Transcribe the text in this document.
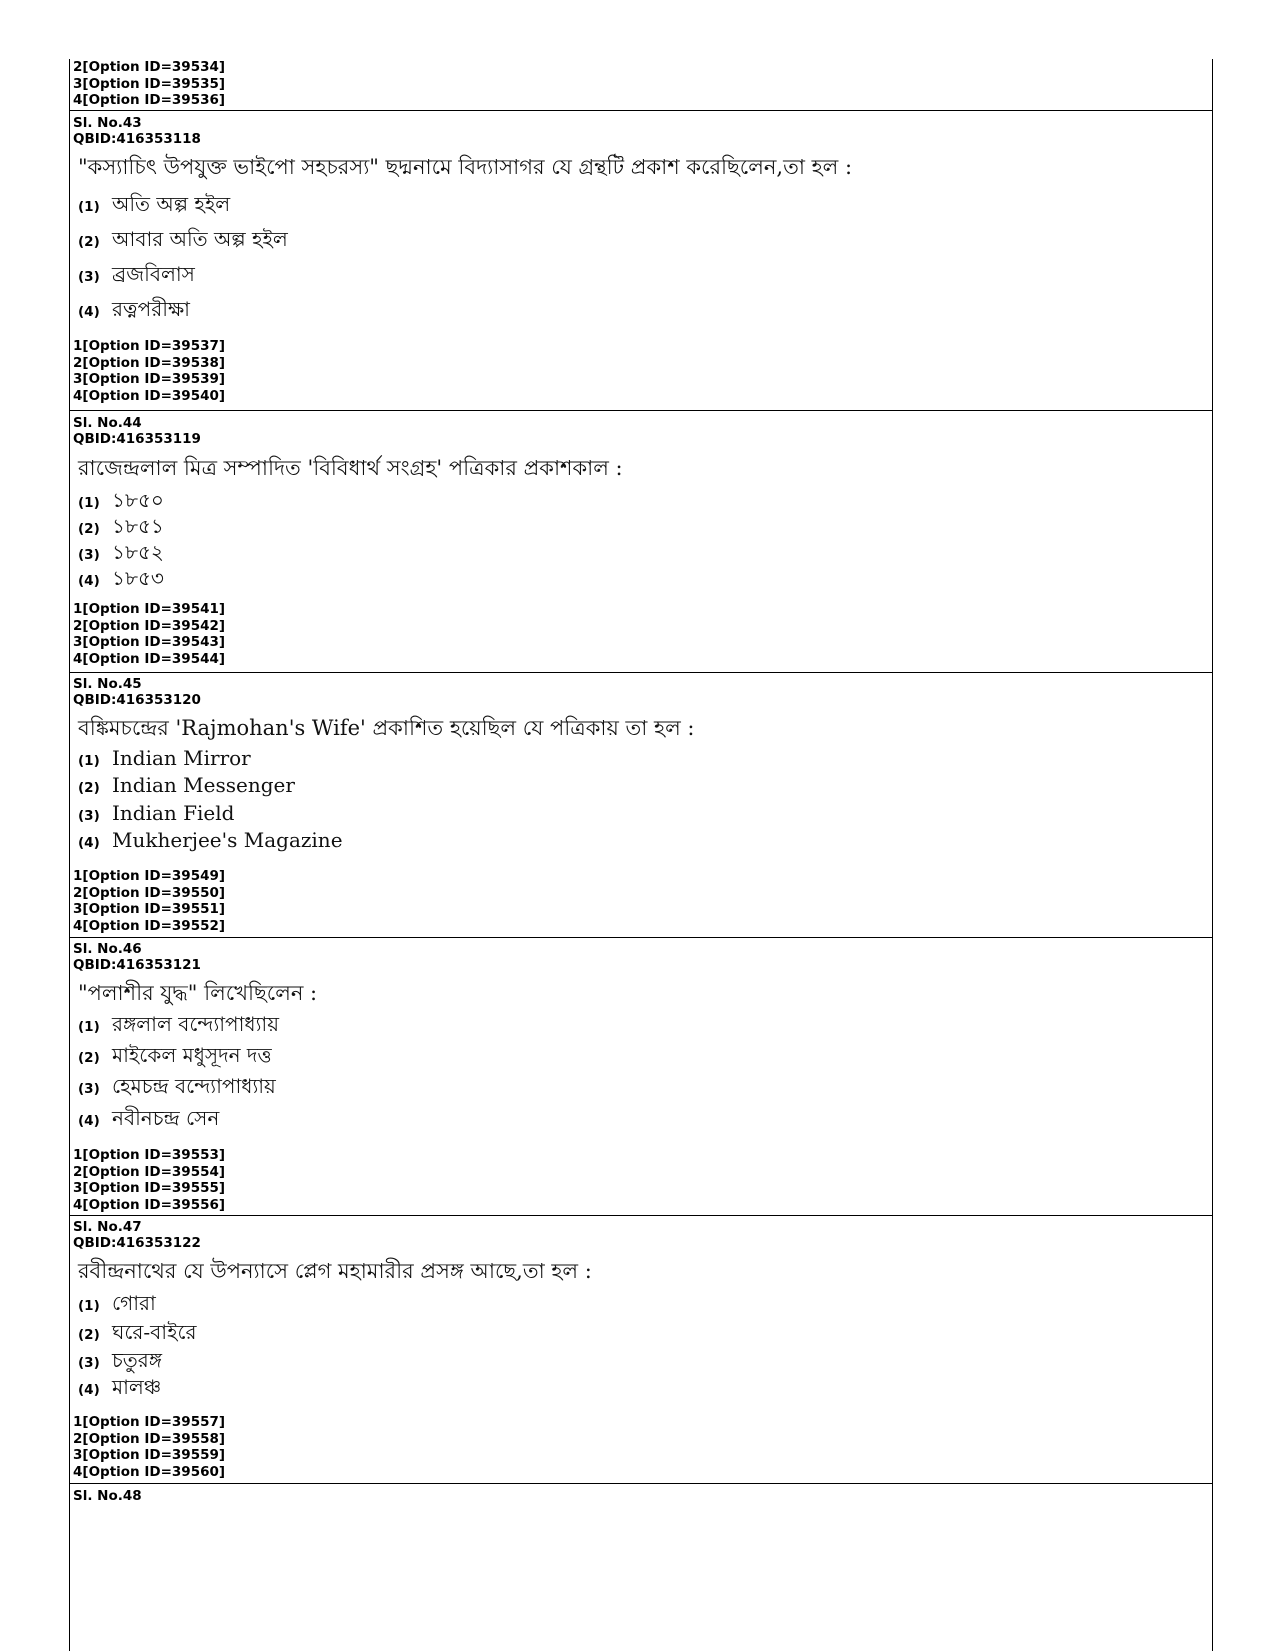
2[Option ID=39534]
3[Option ID=39535]
4[Option ID=39536]
Sl. No.43
QBID:416353118
"কস্যাচিৎ উপযুক্ত ভাইপো সহচরস্য" ছদ্মনামে বিদ্যাসাগর যে গ্রন্থটি প্রকাশ করেছিলেন,তা হল :
(1) অতি অল্প হইল
(2) আবার অতি অল্প হইল
(3) ব্রজবিলাস
(4) রত্নপরীক্ষা
1[Option ID=39537]
2[Option ID=39538]
3[Option ID=39539]
4[Option ID=39540]
Sl. No.44
QBID:416353119
রাজেন্দ্রলাল মিত্র সম্পাদিত 'বিবিধার্থ সংগ্রহ' পত্রিকার প্রকাশকাল :
(1) ১৮৫০
(2) ১৮৫১
(3) ১৮৫২
(4) ১৮৫৩
1[Option ID=39541]
2[Option ID=39542]
3[Option ID=39543]
4[Option ID=39544]
Sl. No.45
QBID:416353120
বঙ্কিমচন্দ্রের 'Rajmohan's Wife' প্রকাশিত হয়েছিল যে পত্রিকায় তা হল :
(1) Indian Mirror
(2) Indian Messenger
(3) Indian Field
(4) Mukherjee's Magazine
1[Option ID=39549]
2[Option ID=39550]
3[Option ID=39551]
4[Option ID=39552]
Sl. No.46
QBID:416353121
"পলাশীর যুদ্ধ" লিখেছিলেন :
(1) রঙ্গলাল বন্দ্যোপাধ্যায়
(2) মাইকেল মধুসূদন দত্ত
(3) হেমচন্দ্র বন্দ্যোপাধ্যায়
(4) নবীনচন্দ্র সেন
1[Option ID=39553]
2[Option ID=39554]
3[Option ID=39555]
4[Option ID=39556]
Sl. No.47
QBID:416353122
রবীন্দ্রনাথের যে উপন্যাসে প্লেগ মহামারীর প্রসঙ্গ আছে,তা হল :
(1) গোরা
(2) ঘরে-বাইরে
(3) চতুরঙ্গ
(4) মালঞ্চ
1[Option ID=39557]
2[Option ID=39558]
3[Option ID=39559]
4[Option ID=39560]
Sl. No.48
